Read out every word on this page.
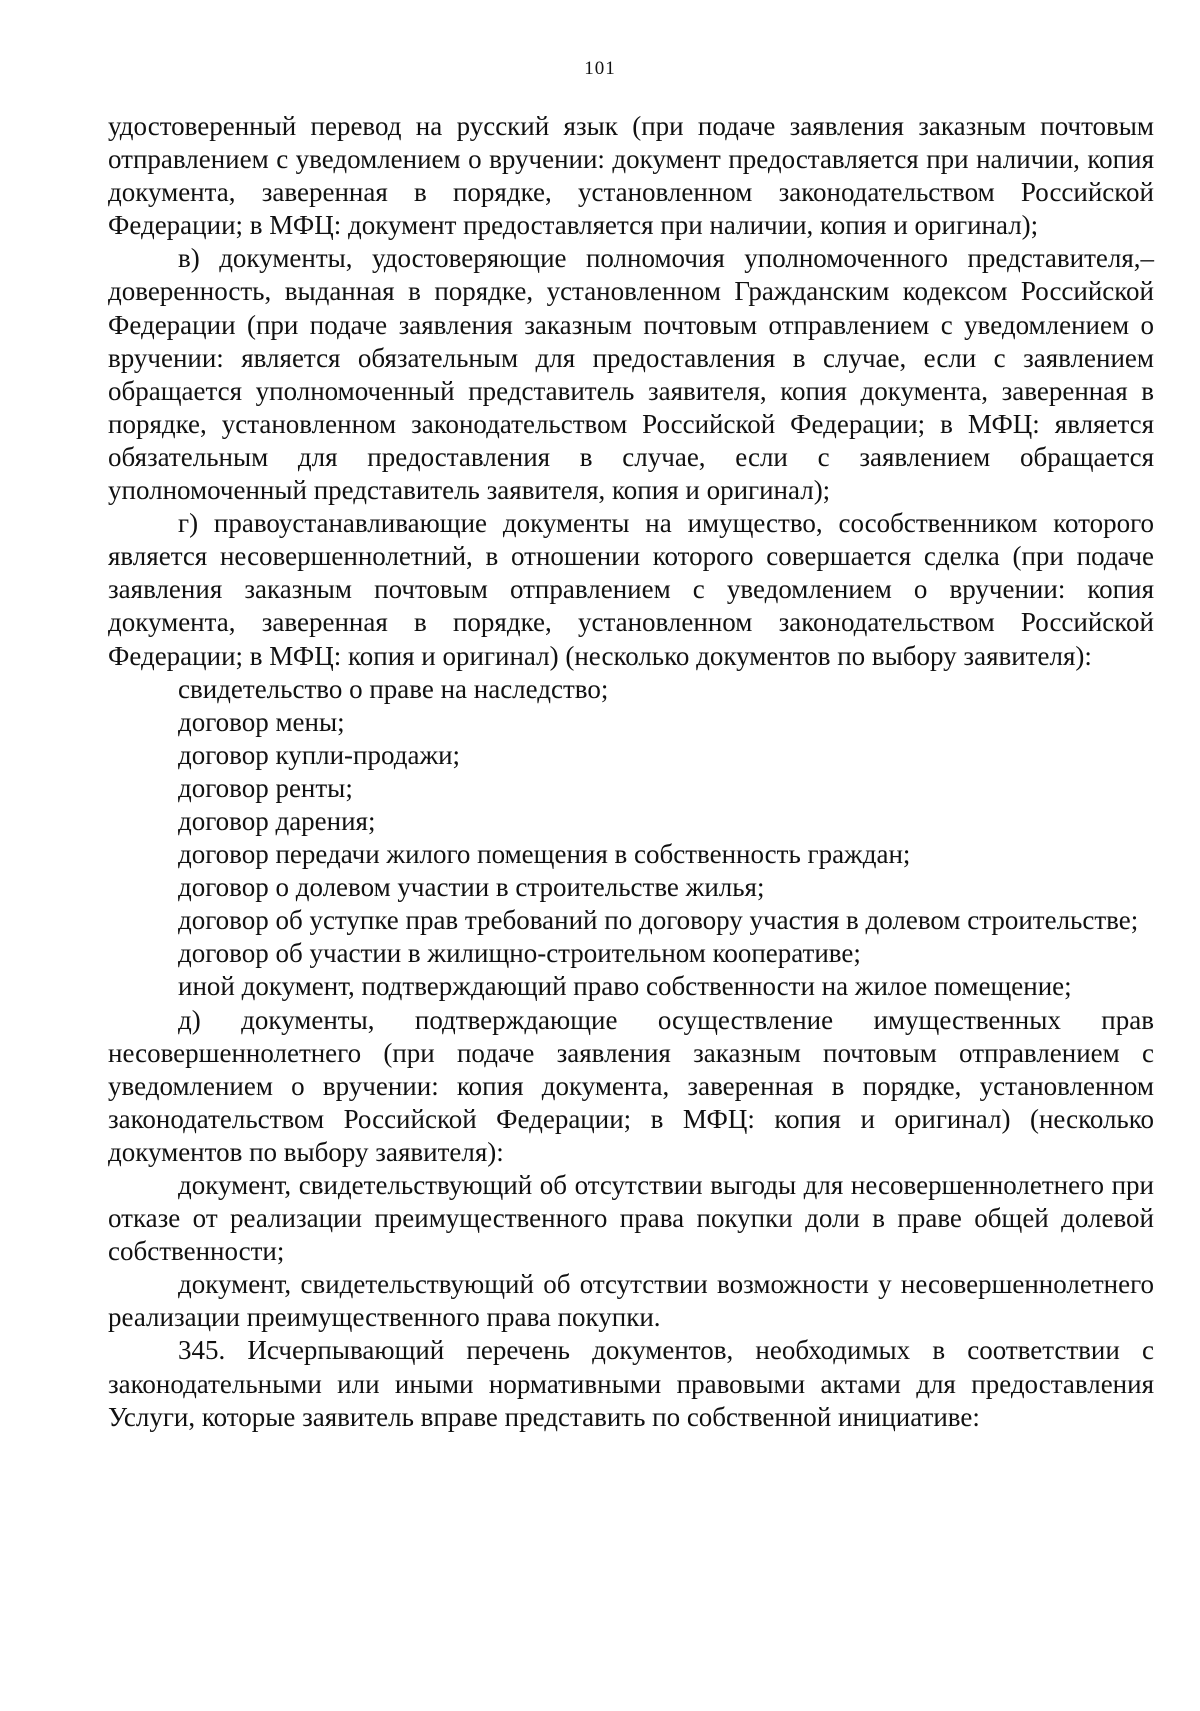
101

удостоверенный перевод на русский язык (при подаче заявления заказным почтовым отправлением с уведомлением о вручении: документ предоставляется при наличии, копия документа, заверенная в порядке, установленном законодательством Российской Федерации; в МФЦ: документ предоставляется при наличии, копия и оригинал);

в) документы, удостоверяющие полномочия уполномоченного представителя,– доверенность, выданная в порядке, установленном Гражданским кодексом Российской Федерации (при подаче заявления заказным почтовым отправлением с уведомлением о вручении: является обязательным для предоставления в случае, если с заявлением обращается уполномоченный представитель заявителя, копия документа, заверенная в порядке, установленном законодательством Российской Федерации; в МФЦ: является обязательным для предоставления в случае, если с заявлением обращается уполномоченный представитель заявителя, копия и оригинал);

г) правоустанавливающие документы на имущество, сособственником которого является несовершеннолетний, в отношении которого совершается сделка (при подаче заявления заказным почтовым отправлением с уведомлением о вручении: копия документа, заверенная в порядке, установленном законодательством Российской Федерации; в МФЦ: копия и оригинал) (несколько документов по выбору заявителя):

свидетельство о праве на наследство;

договор мены;

договор купли-продажи;

договор ренты;

договор дарения;

договор передачи жилого помещения в собственность граждан;

договор о долевом участии в строительстве жилья;

договор об уступке прав требований по договору участия в долевом строительстве;

договор об участии в жилищно-строительном кооперативе;

иной документ, подтверждающий право собственности на жилое помещение;

д) документы, подтверждающие осуществление имущественных прав несовершеннолетнего (при подаче заявления заказным почтовым отправлением с уведомлением о вручении: копия документа, заверенная в порядке, установленном законодательством Российской Федерации; в МФЦ: копия и оригинал) (несколько документов по выбору заявителя):

документ, свидетельствующий об отсутствии выгоды для несовершеннолетнего при отказе от реализации преимущественного права покупки доли в праве общей долевой собственности;

документ, свидетельствующий об отсутствии возможности у несовершеннолетнего реализации преимущественного права покупки.

345. Исчерпывающий перечень документов, необходимых в соответствии с законодательными или иными нормативными правовыми актами для предоставления Услуги, которые заявитель вправе представить по собственной инициативе:
